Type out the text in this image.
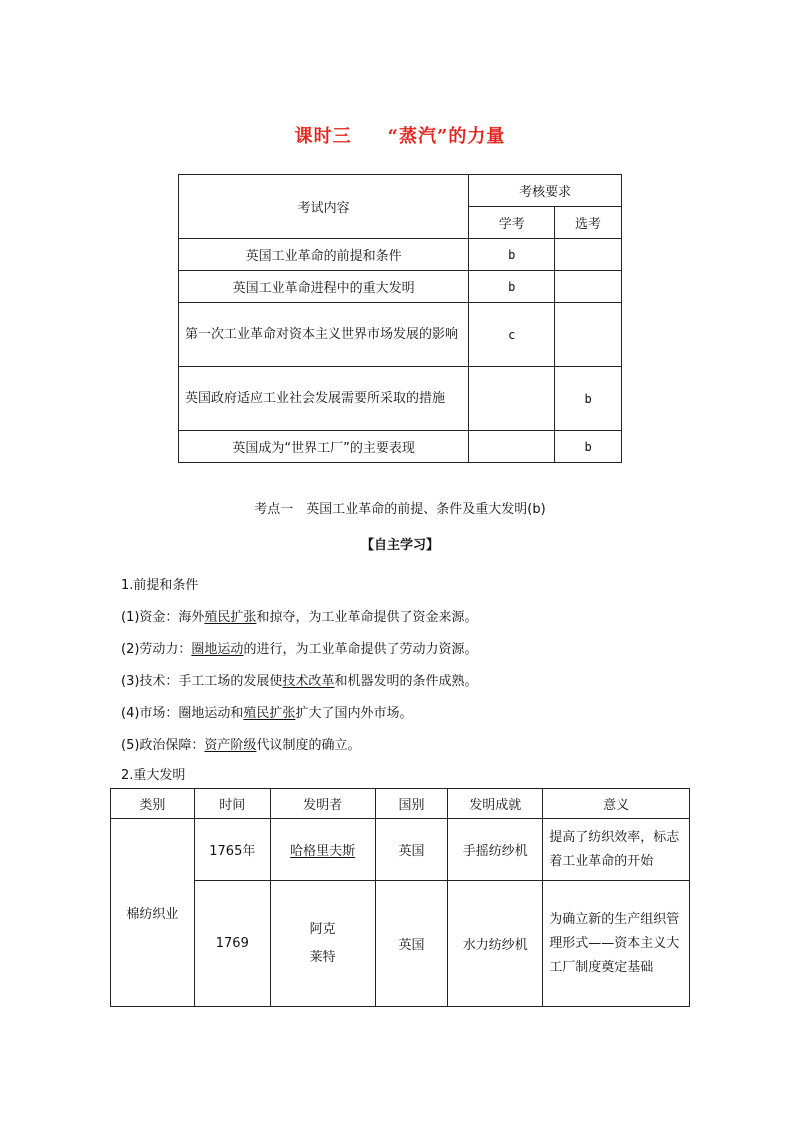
课时三 “蒸汽”的力量
考试内容	考核要求	
	学考	选考
英国工业革命的前提和条件	b	
英国工业革命进程中的重大发明	b	
第一次工业革命对资本主义世界市场发展的影响	c	
英国政府适应工业社会发展需要所采取的措施		b
英国成为“世界工厂”的主要表现		b
考点一　英国工业革命的前提、条件及重大发明(b)
【自主学习】
1.前提和条件
(1)资金：海外殖民扩张和掠夺，为工业革命提供了资金来源。
(2)劳动力：圈地运动的进行，为工业革命提供了劳动力资源。
(3)技术：手工工场的发展使技术改革和机器发明的条件成熟。
(4)市场：圈地运动和殖民扩张扩大了国内外市场。
(5)政治保障：资产阶级代议制度的确立。
2.重大发明
类别	时间	发明者	国别	发明成就	意义
棉纺织业	1765年	哈格里夫斯	英国	手摇纺纱机	提高了纺织效率，标志着工业革命的开始
	1769	阿克
莱特	英国	水力纺纱机	为确立新的生产组织管理形式——资本主义大工厂制度奠定基础
